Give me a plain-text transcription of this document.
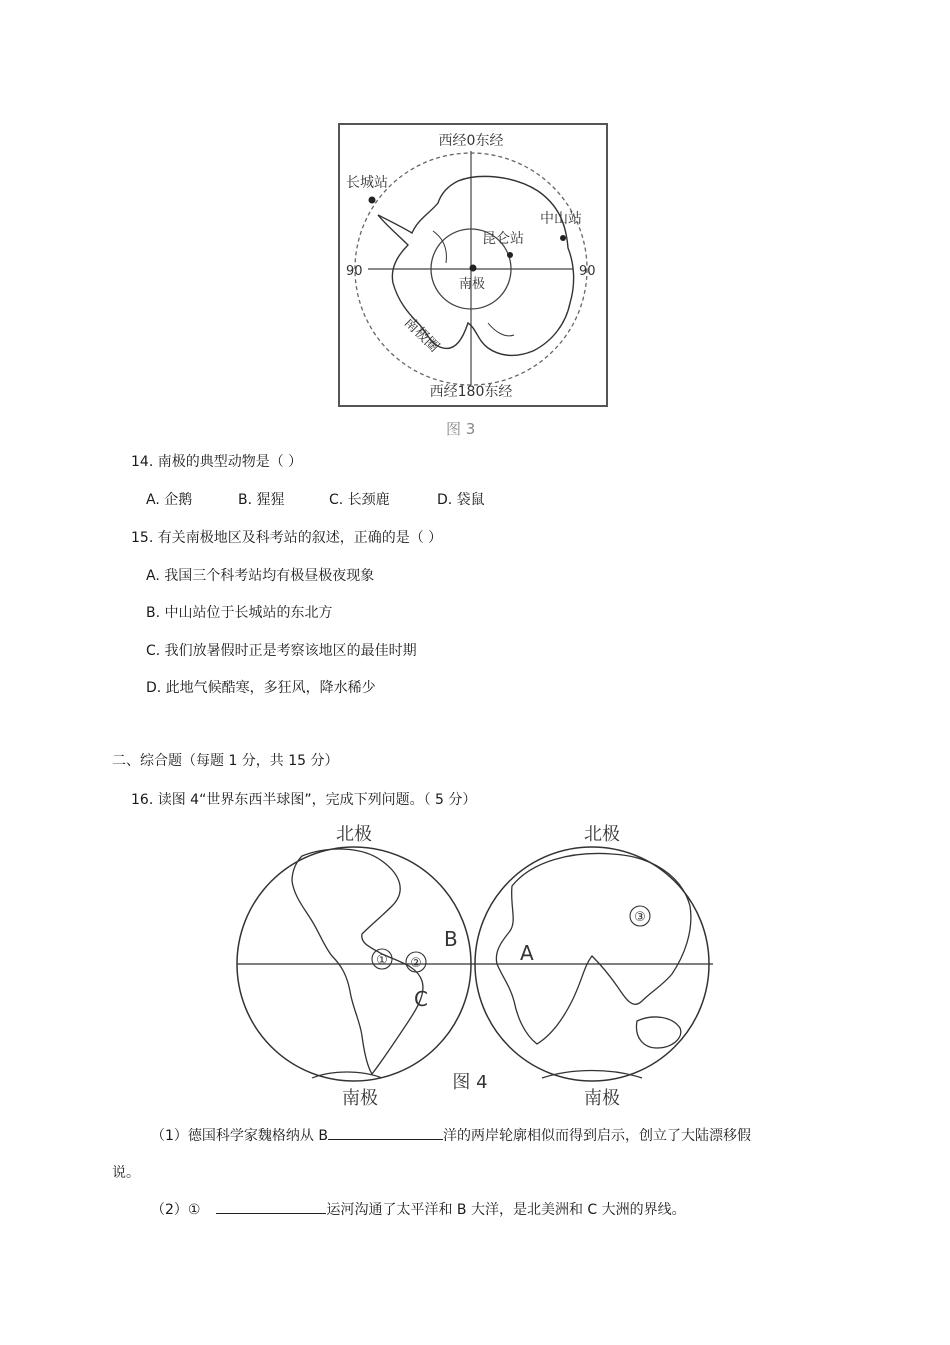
西经0东经
西经180东经
90	90
长城站
中山站
昆仑站
南极
南极圈
图 3
14. 南极的典型动物是（ ）
A. 企鹅	B. 猩猩	C. 长颈鹿	D. 袋鼠
15. 有关南极地区及科考站的叙述，正确的是（ ）
A. 我国三个科考站均有极昼极夜现象
B. 中山站位于长城站的东北方
C. 我们放暑假时正是考察该地区的最佳时期
D. 此地气候酷寒，多狂风，降水稀少
二、综合题（每题 1 分，共 15 分）
16. 读图 4“世界东西半球图”，完成下列问题。（ 5 分）
① ②
③
A
B
C
北极	北极
南极	南极
图 4
（1）德国科学家魏格纳从 B	洋的两岸轮廓相似而得到启示，创立了大陆漂移假
说。
（2）①	运河沟通了太平洋和 B 大洋，是北美洲和 C 大洲的界线。
